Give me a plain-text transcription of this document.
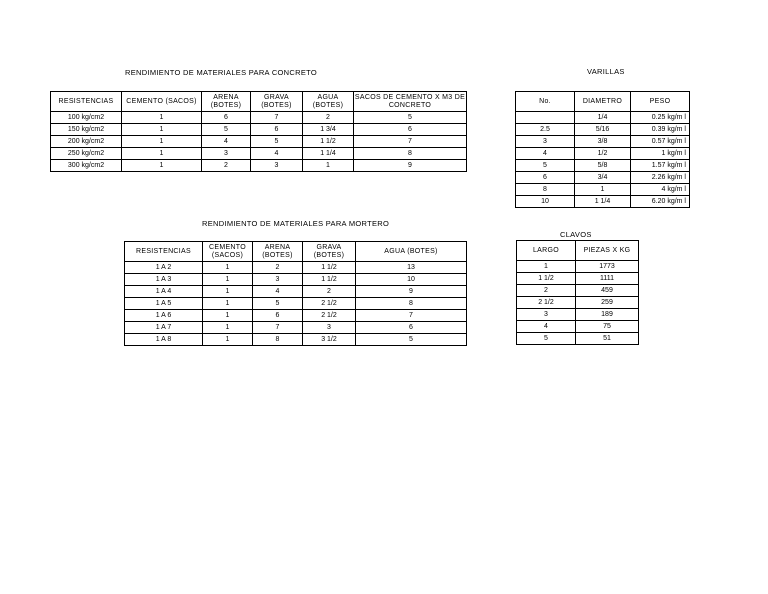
RENDIMIENTO DE MATERIALES PARA CONCRETO	VARILLAS
RENDIMIENTO DE MATERIALES PARA MORTERO
CLAVOS
RESISTENCIAS	CEMENTO (SACOS)	ARENA (BOTES)	GRAVA (BOTES)	AGUA (BOTES)	SACOS DE CEMENTO X M3 DE CONCRETO
100 kg/cm2	1	6	7	2	5
150 kg/cm2	1	5	6	1 3/4	6
200 kg/cm2	1	4	5	1 1/2	7
250 kg/cm2	1	3	4	1 1/4	8
300 kg/cm2	1	2	3	1	9
No.	DIAMETRO	PESO
	1/4	0.25 kg/m l
2.5	5/16	0.39 kg/m l
3	3/8	0.57 kg/m l
4	1/2	1 kg/m l
5	5/8	1.57 kg/m l
6	3/4	2.26 kg/m l
8	1	4 kg/m l
10	1 1/4	6.20 kg/m l
RESISTENCIAS	CEMENTO (SACOS)	ARENA (BOTES)	GRAVA (BOTES)	AGUA (BOTES)
1 A 2	1	2	1 1/2	13
1 A 3	1	3	1 1/2	10
1 A 4	1	4	2	9
1 A 5	1	5	2 1/2	8
1 A 6	1	6	2 1/2	7
1 A 7	1	7	3	6
1 A 8	1	8	3 1/2	5
LARGO	PIEZAS X KG
1	1773
1 1/2	1111
2	459
2 1/2	259
3	189
4	75
5	51
